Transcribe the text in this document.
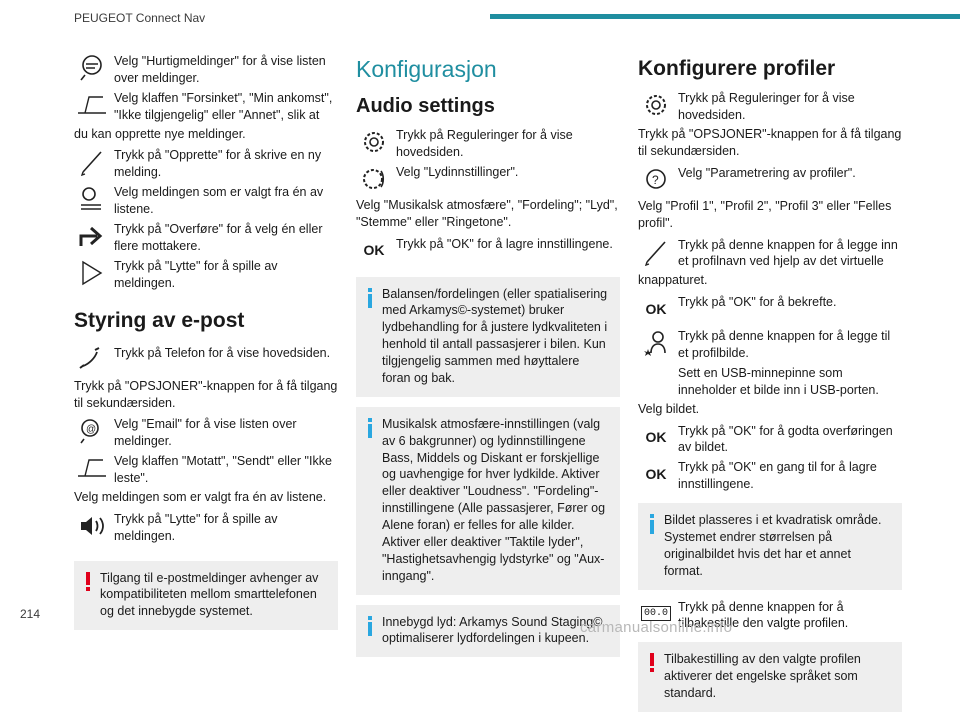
PEUGEOT Connect Nav
Velg "Hurtigmeldinger" for å vise listen over meldinger.
Velg klaffen "Forsinket", "Min ankomst", "Ikke tilgjengelig" eller "Annet", slik at
du kan opprette nye meldinger.
Trykk på "Opprette" for å skrive en ny melding.
Velg meldingen som er valgt fra én av listene.
Trykk på "Overføre" for å velg én eller flere mottakere.
Trykk på "Lytte" for å spille av meldingen.
Styring av e-post
Trykk på Telefon for å vise hovedsiden.
Trykk på "OPSJONER"-knappen for å få tilgang til sekundærsiden.
@ Velg "Email" for å vise listen over meldinger.
Velg klaffen "Motatt", "Sendt" eller "Ikke leste".
Velg meldingen som er valgt fra én av listene.
Trykk på "Lytte" for å spille av meldingen.
Tilgang til e-postmeldinger avhenger av kompatibiliteten mellom smarttelefonen og det innebygde systemet.
Konfigurasjon
Audio settings
Trykk på Reguleringer for å vise hovedsiden.
Velg "Lydinnstillinger".
Velg "Musikalsk atmosfære", "Fordeling"; "Lyd", "Stemme" eller "Ringetone".
OK Trykk på "OK" for å lagre innstillingene.
Balansen/fordelingen (eller spatialisering med Arkamys©-systemet) bruker lydbehandling for å justere lydkvaliteten i henhold til antall passasjerer i bilen. Kun tilgjengelig sammen med høyttalere foran og bak.
Musikalsk atmosfære-innstillingen (valg av 6 bakgrunner) og lydinnstillingene Bass, Middels og Diskant er forskjellige og uavhengige for hver lydkilde. Aktiver eller deaktiver "Loudness". "Fordeling"-innstillingene (Alle passasjerer, Fører og Alene foran) er felles for alle kilder. Aktiver eller deaktiver "Taktile lyder", "Hastighetsavhengig lydstyrke" og "Aux-inngang".
Innebygd lyd: Arkamys Sound Staging© optimaliserer lydfordelingen i kupeen.
Konfigurere profiler
Trykk på Reguleringer for å vise hovedsiden.
Trykk på "OPSJONER"-knappen for å få tilgang til sekundærsiden.
? Velg "Parametrering av profiler".
Velg "Profil 1", "Profil 2", "Profil 3" eller "Felles profil".
Trykk på denne knappen for å legge inn et profilnavn ved hjelp av det virtuelle
knappaturet.
OK Trykk på "OK" for å bekrefte.
Trykk på denne knappen for å legge til et profilbilde.
Sett en USB-minnepinne som inneholder et bilde inn i USB-porten.
Velg bildet.
OK Trykk på "OK" for å godta overføringen av bildet.
OK Trykk på "OK" en gang til for å lagre innstillingene.
Bildet plasseres i et kvadratisk område. Systemet endrer størrelsen på originalbildet hvis det har et annet format.
00.0 Trykk på denne knappen for å tilbakestille den valgte profilen.
Tilbakestilling av den valgte profilen aktiverer det engelske språket som standard.
214
carmanualsonline.info
